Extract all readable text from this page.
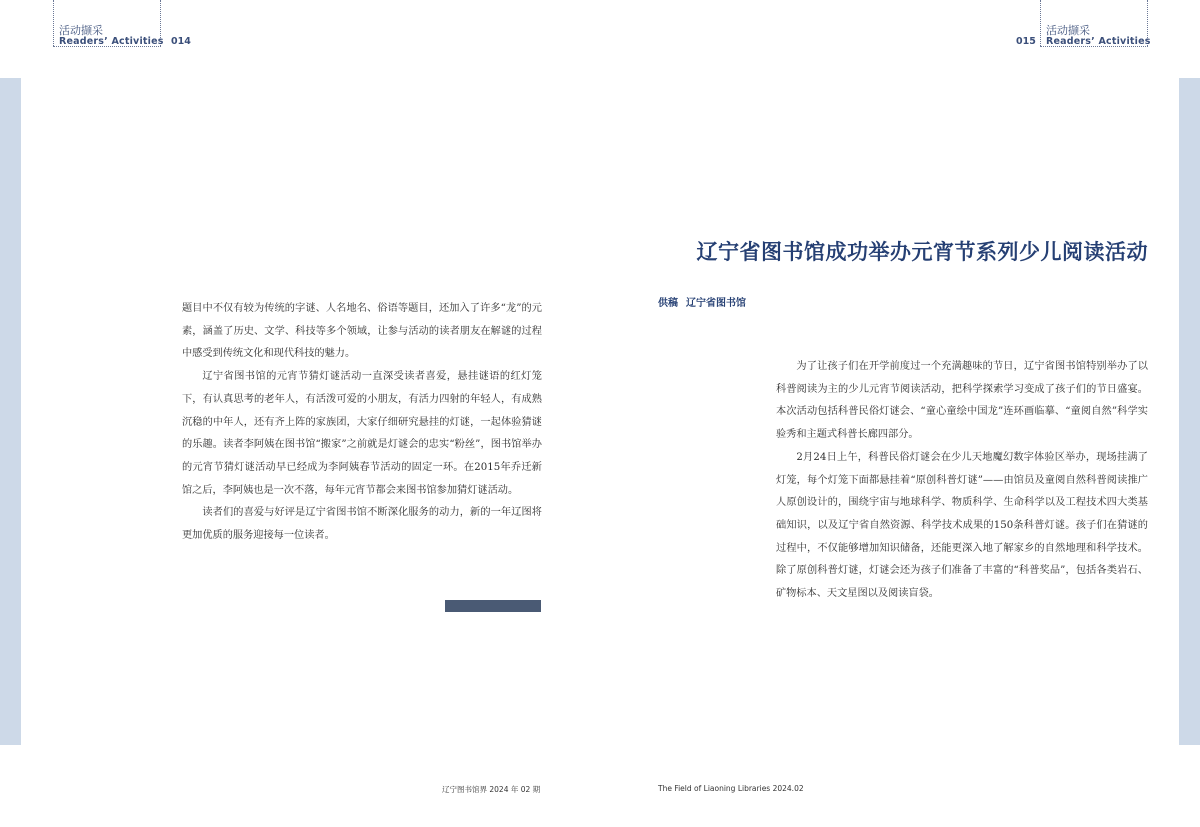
活动撷采
Readers’ Activities 014	015
活动撷采
Readers’ Activities

题目中不仅有较为传统的字谜、人名地名、俗语等题目，还加入了许多“龙”的元素，涵盖了历史、文学、科技等多个领域，让参与活动的读者朋友在解谜的过程中感受到传统文化和现代科技的魅力。

辽宁省图书馆的元宵节猜灯谜活动一直深受读者喜爱，悬挂谜语的红灯笼下，有认真思考的老年人，有活泼可爱的小朋友，有活力四射的年轻人，有成熟沉稳的中年人，还有齐上阵的家族团，大家仔细研究悬挂的灯谜，一起体验猜谜的乐趣。读者李阿姨在图书馆“搬家”之前就是灯谜会的忠实“粉丝”，图书馆举办的元宵节猜灯谜活动早已经成为李阿姨春节活动的固定一环。在2015年乔迁新馆之后，李阿姨也是一次不落，每年元宵节都会来图书馆参加猜灯谜活动。

读者们的喜爱与好评是辽宁省图书馆不断深化服务的动力，新的一年辽图将更加优质的服务迎接每一位读者。

辽宁省图书馆成功举办元宵节系列少儿阅读活动
供稿 辽宁省图书馆

为了让孩子们在开学前度过一个充满趣味的节日，辽宁省图书馆特别举办了以科普阅读为主的少儿元宵节阅读活动，把科学探索学习变成了孩子们的节日盛宴。本次活动包括科普民俗灯谜会、“童心童绘中国龙”连环画临摹、“童阅自然”科学实验秀和主题式科普长廊四部分。

2月24日上午，科普民俗灯谜会在少儿天地魔幻数字体验区举办，现场挂满了灯笼，每个灯笼下面都悬挂着“原创科普灯谜”——由馆员及童阅自然科普阅读推广人原创设计的，围绕宇宙与地球科学、物质科学、生命科学以及工程技术四大类基础知识，以及辽宁省自然资源、科学技术成果的150条科普灯谜。孩子们在猜谜的过程中，不仅能够增加知识储备，还能更深入地了解家乡的自然地理和科学技术。除了原创科普灯谜，灯谜会还为孩子们准备了丰富的“科普奖品”，包括各类岩石、矿物标本、天文星图以及阅读盲袋。

辽宁图书馆界 2024 年 02 期	The Field of Liaoning Libraries 2024.02
